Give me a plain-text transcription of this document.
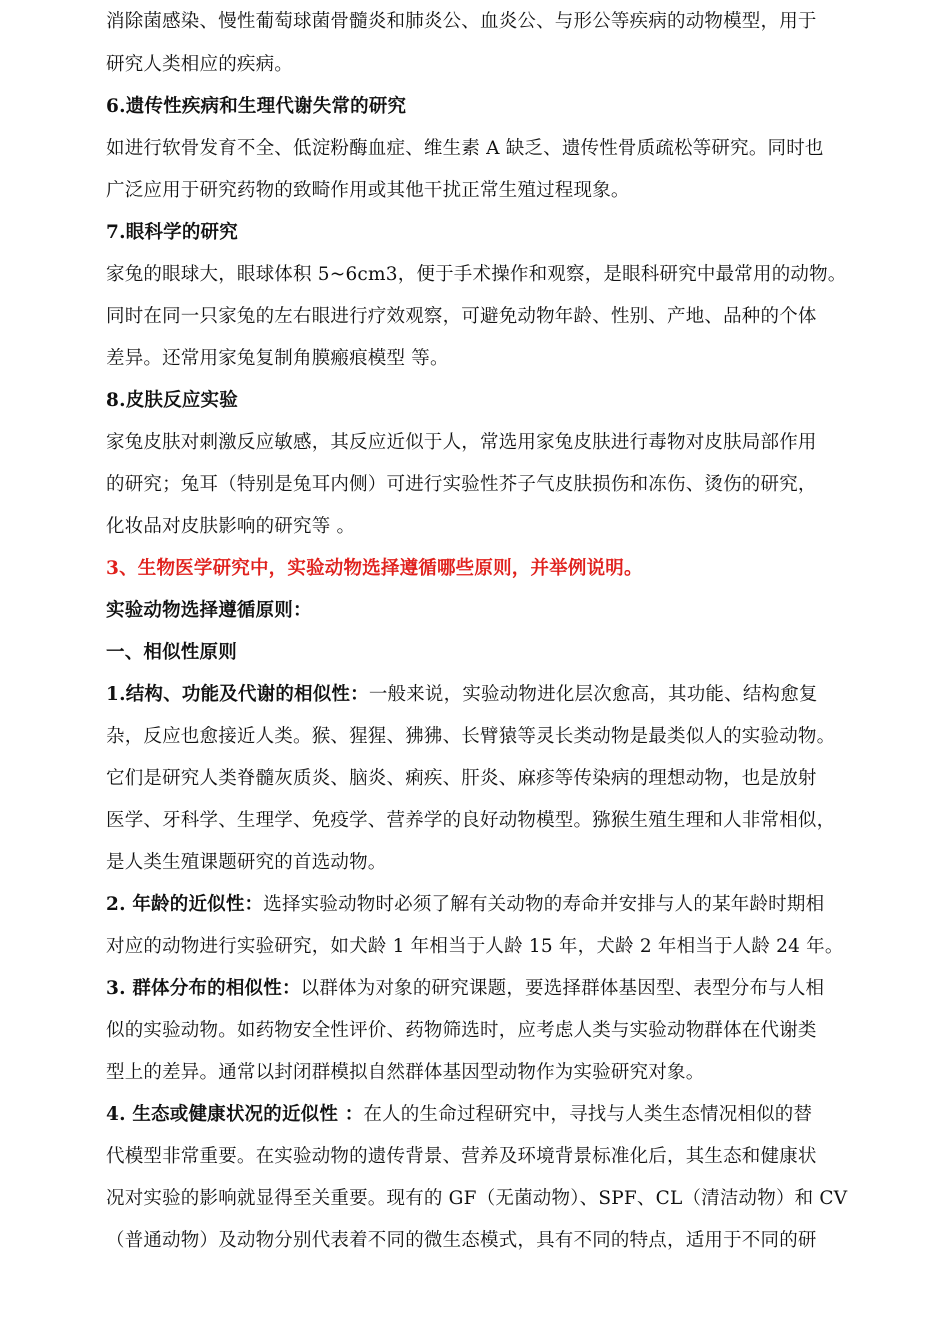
消除菌感染、慢性葡萄球菌骨髓炎和肺炎公、血炎公、与形公等疾病的动物模型，用于
研究人类相应的疾病。
6.遗传性疾病和生理代谢失常的研究
如进行软骨发育不全、低淀粉酶血症、维生素 A 缺乏、遗传性骨质疏松等研究。同时也
广泛应用于研究药物的致畸作用或其他干扰正常生殖过程现象。
7.眼科学的研究
家兔的眼球大，眼球体积 5~6cm3，便于手术操作和观察，是眼科研究中最常用的动物。
同时在同一只家兔的左右眼进行疗效观察，可避免动物年龄、性别、产地、品种的个体
差异。还常用家兔复制角膜瘢痕模型 等。
8.皮肤反应实验
家兔皮肤对刺激反应敏感，其反应近似于人，常选用家兔皮肤进行毒物对皮肤局部作用
的研究；兔耳（特别是兔耳内侧）可进行实验性芥子气皮肤损伤和冻伤、烫伤的研究，
化妆品对皮肤影响的研究等 。
3、生物医学研究中，实验动物选择遵循哪些原则，并举例说明。
实验动物选择遵循原则：
一、相似性原则
1.结构、功能及代谢的相似性：一般来说，实验动物进化层次愈高，其功能、结构愈复
杂，反应也愈接近人类。猴、猩猩、狒狒、长臂猿等灵长类动物是最类似人的实验动物。
它们是研究人类脊髓灰质炎、脑炎、痢疾、肝炎、麻疹等传染病的理想动物，也是放射
医学、牙科学、生理学、免疫学、营养学的良好动物模型。猕猴生殖生理和人非常相似，
是人类生殖课题研究的首选动物。
2. 年龄的近似性：选择实验动物时必须了解有关动物的寿命并安排与人的某年龄时期相
对应的动物进行实验研究，如犬龄 1 年相当于人龄 15 年，犬龄 2 年相当于人龄 24 年。
3. 群体分布的相似性：以群体为对象的研究课题，要选择群体基因型、表型分布与人相
似的实验动物。如药物安全性评价、药物筛选时，应考虑人类与实验动物群体在代谢类
型上的差异。通常以封闭群模拟自然群体基因型动物作为实验研究对象。
4. 生态或健康状况的近似性 ：在人的生命过程研究中，寻找与人类生态情况相似的替
代模型非常重要。在实验动物的遗传背景、营养及环境背景标准化后，其生态和健康状
况对实验的影响就显得至关重要。现有的 GF（无菌动物）、SPF、CL（清洁动物）和 CV
（普通动物）及动物分别代表着不同的微生态模式，具有不同的特点，适用于不同的研
